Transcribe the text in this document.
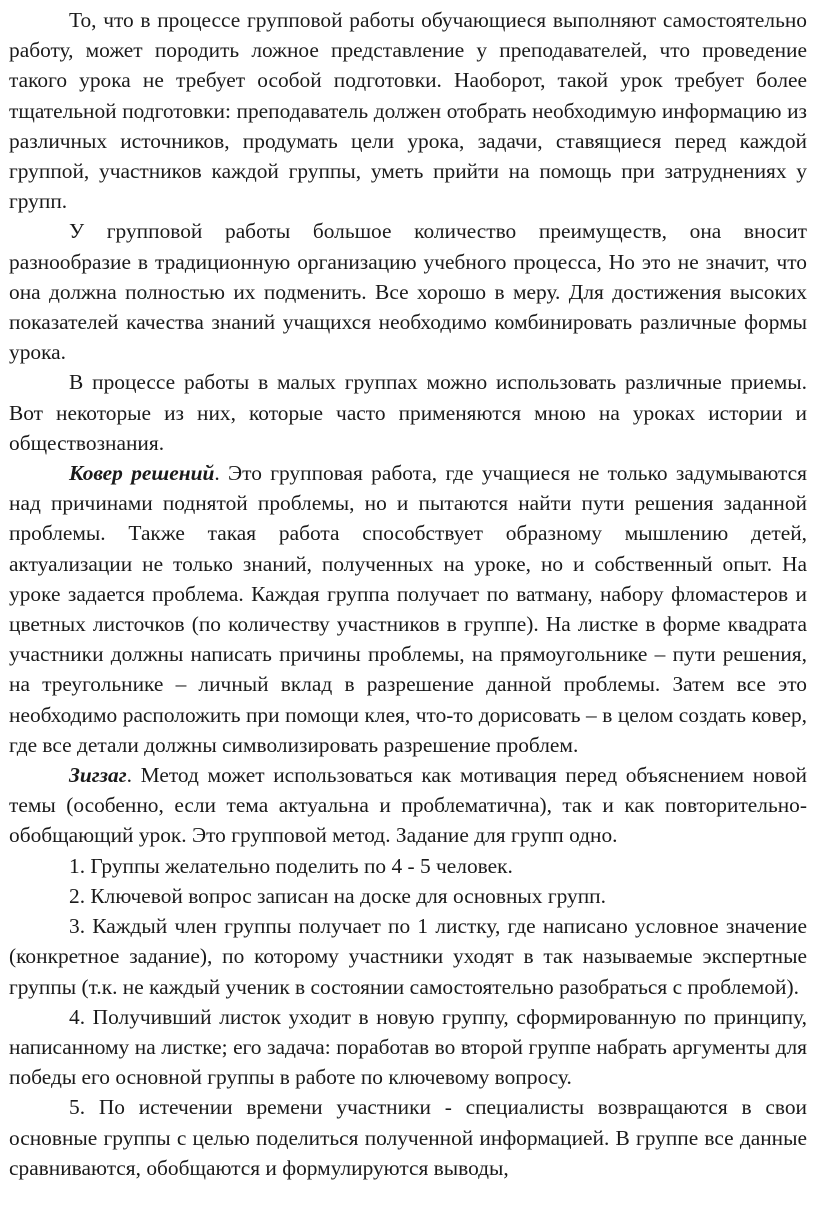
То, что в процессе групповой работы обучающиеся выполняют самостоятельно работу, может породить ложное представление у преподавателей, что проведение такого урока не требует особой подготовки. Наоборот, такой урок требует более тщательной подготовки: преподаватель должен отобрать необходимую информацию из различных источников, продумать цели урока, задачи, ставящиеся перед каждой группой, участников каждой группы, уметь прийти на помощь при затруднениях у групп.

У групповой работы большое количество преимуществ, она вносит разнообразие в традиционную организацию учебного процесса, Но это не значит, что она должна полностью их подменить. Все хорошо в меру. Для достижения высоких показателей качества знаний учащихся необходимо комбинировать различные формы урока.

В процессе работы в малых группах можно использовать различные приемы. Вот некоторые из них, которые часто применяются мною на уроках истории и обществознания.

Ковер решений. Это групповая работа, где учащиеся не только задумываются над причинами поднятой проблемы, но и пытаются найти пути решения заданной проблемы. Также такая работа способствует образному мышлению детей, актуализации не только знаний, полученных на уроке, но и собственный опыт. На уроке задается проблема. Каждая группа получает по ватману, набору фломастеров и цветных листочков (по количеству участников в группе). На листке в форме квадрата участники должны написать причины проблемы, на прямоугольнике – пути решения, на треугольнике – личный вклад в разрешение данной проблемы. Затем все это необходимо расположить при помощи клея, что-то дорисовать – в целом создать ковер, где все детали должны символизировать разрешение проблем.

Зигзаг. Метод может использоваться как мотивация перед объяснением новой темы (особенно, если тема актуальна и проблематична), так и как повторительно-обобщающий урок. Это групповой метод. Задание для групп одно.

1. Группы желательно поделить по 4 - 5 человек.

2. Ключевой вопрос записан на доске для основных групп.

3. Каждый член группы получает по 1 листку, где написано условное значение (конкретное задание), по которому участники уходят в так называемые экспертные группы (т.к. не каждый ученик в состоянии самостоятельно разобраться с проблемой).

4. Получивший листок уходит в новую группу, сформированную по принципу, написанному на листке; его задача: поработав во второй группе набрать аргументы для победы его основной группы в работе по ключевому вопросу.

5. По истечении времени участники - специалисты возвращаются в свои основные группы с целью поделиться полученной информацией. В группе все данные сравниваются, обобщаются и формулируются выводы,
